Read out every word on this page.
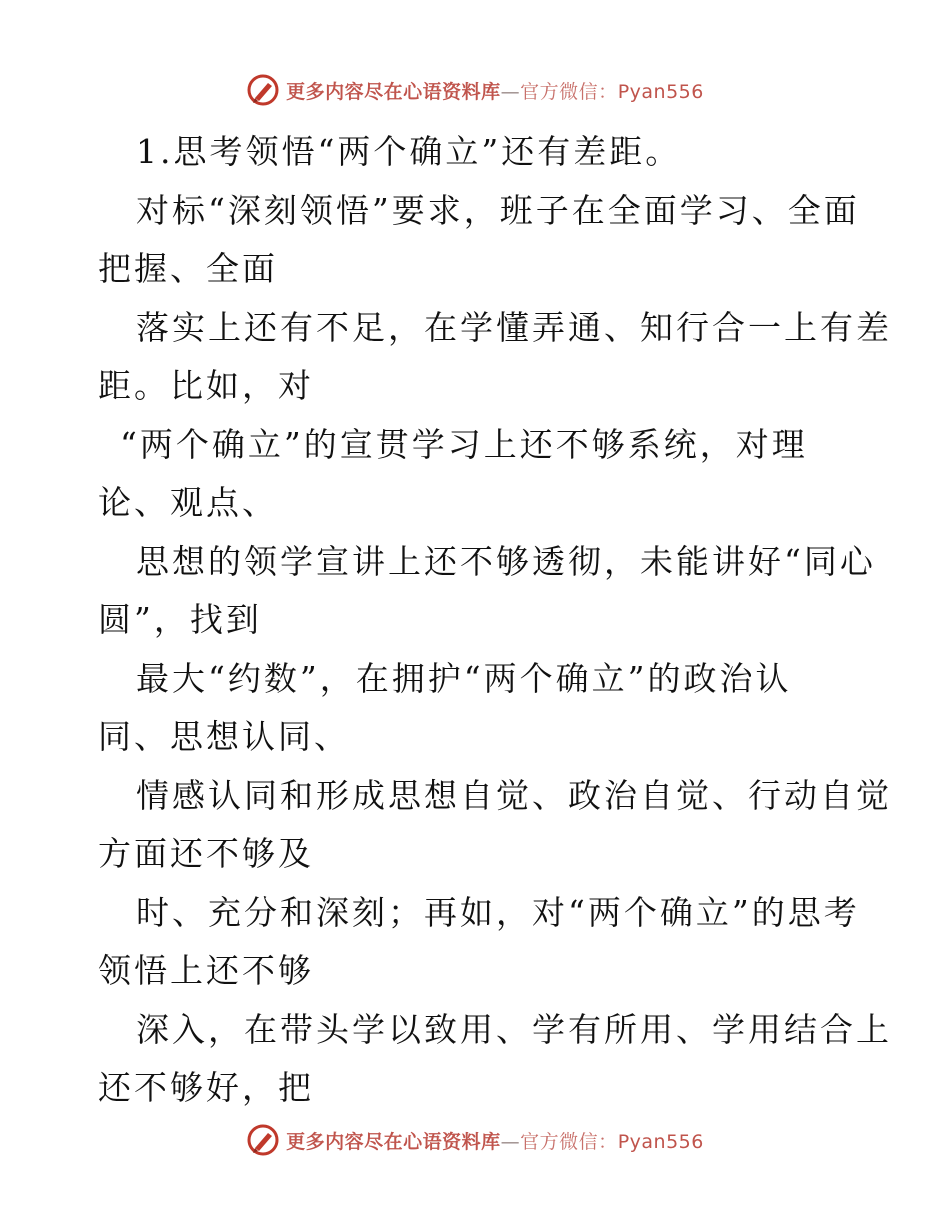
更多内容尽在心语资料库—官方微信：Pyan556
1.思考领悟“两个确立”还有差距。
对标“深刻领悟”要求，班子在全面学习、全面
把握、全面
落实上还有不足，在学懂弄通、知行合一上有差
距。比如，对
“两个确立”的宣贯学习上还不够系统，对理
论、观点、
思想的领学宣讲上还不够透彻，未能讲好“同心
圆”，找到
最大“约数”，在拥护“两个确立”的政治认
同、思想认同、
情感认同和形成思想自觉、政治自觉、行动自觉
方面还不够及
时、充分和深刻；再如，对“两个确立”的思考
领悟上还不够
深入，在带头学以致用、学有所用、学用结合上
还不够好，把
更多内容尽在心语资料库—官方微信：Pyan556
